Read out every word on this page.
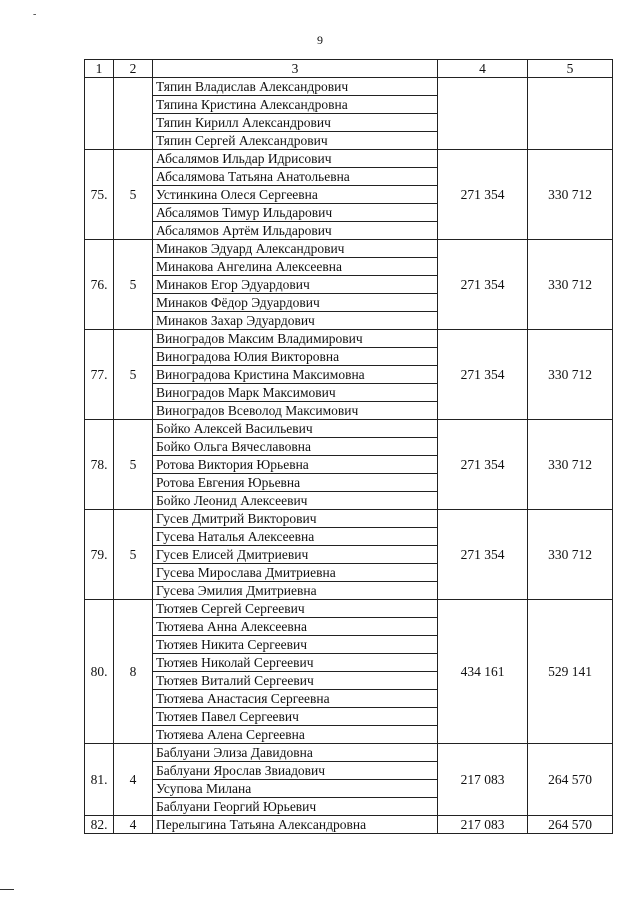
-
9
1	2	3	4	5
		Тяпин Владислав Александрович		
		Тяпина Кристина Александровна		
		Тяпин Кирилл Александрович		
		Тяпин Сергей Александрович		
75.	5	Абсалямов Ильдар Идрисович	271 354	330 712
		Абсалямова Татьяна Анатольевна		
		Устинкина Олеся Сергеевна		
		Абсалямов Тимур Ильдарович		
		Абсалямов Артём Ильдарович		
76.	5	Минаков Эдуард Александрович	271 354	330 712
		Минакова Ангелина Алексеевна		
		Минаков Егор Эдуардович		
		Минаков Фёдор Эдуардович		
		Минаков Захар Эдуардович		
77.	5	Виноградов Максим Владимирович	271 354	330 712
		Виноградова Юлия Викторовна		
		Виноградова Кристина Максимовна		
		Виноградов Марк Максимович		
		Виноградов Всеволод Максимович		
78.	5	Бойко Алексей Васильевич	271 354	330 712
		Бойко Ольга Вячеславовна		
		Ротова Виктория Юрьевна		
		Ротова Евгения Юрьевна		
		Бойко Леонид Алексеевич		
79.	5	Гусев Дмитрий Викторович	271 354	330 712
		Гусева Наталья Алексеевна		
		Гусев Елисей Дмитриевич		
		Гусева Мирослава Дмитриевна		
		Гусева Эмилия Дмитриевна		
80.	8	Тютяев Сергей Сергеевич	434 161	529 141
		Тютяева Анна Алексеевна		
		Тютяев Никита Сергеевич		
		Тютяев Николай Сергеевич		
		Тютяев Виталий Сергеевич		
		Тютяева Анастасия Сергеевна		
		Тютяев Павел Сергеевич		
		Тютяева Алена Сергеевна		
81.	4	Баблуани Элиза Давидовна	217 083	264 570
		Баблуани Ярослав Звиадович		
		Усупова Милана		
		Баблуани Георгий Юрьевич		
82.	4	Перелыгина Татьяна Александровна	217 083	264 570
